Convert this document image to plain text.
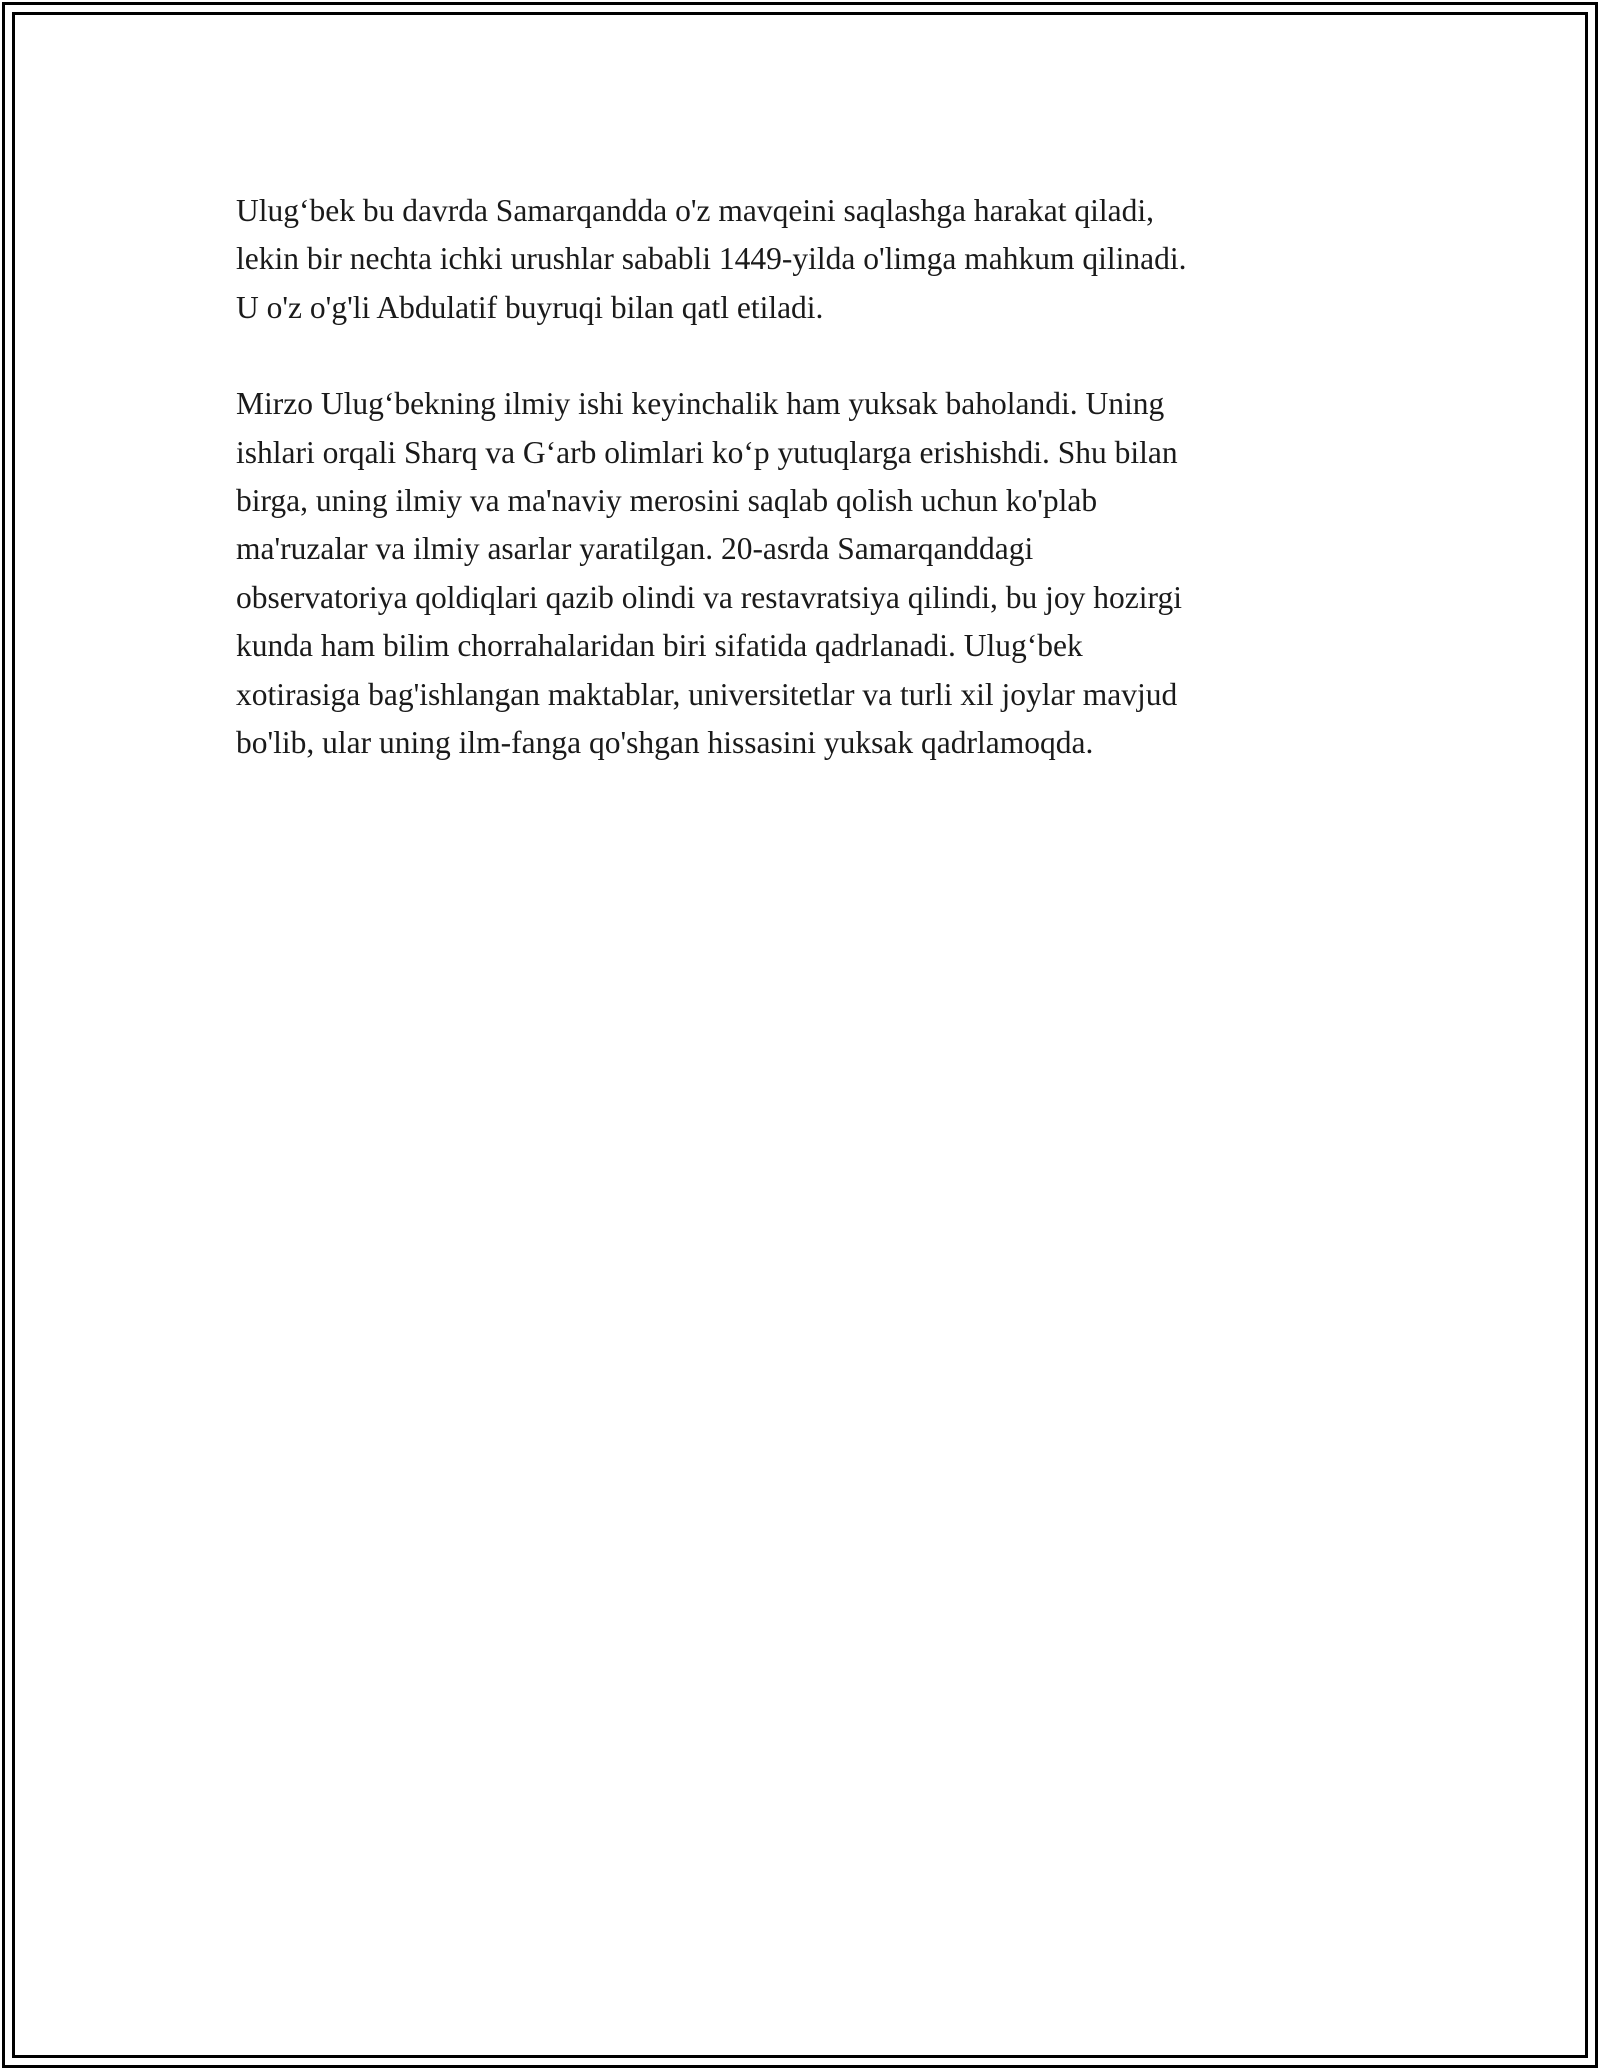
Ulug‘bek bu davrda Samarqandda o'z mavqeini saqlashga harakat qiladi,
lekin bir nechta ichki urushlar sababli 1449-yilda o'limga mahkum qilinadi.
U o'z o'g'li Abdulatif buyruqi bilan qatl etiladi.

Mirzo Ulug‘bekning ilmiy ishi keyinchalik ham yuksak baholandi. Uning
ishlari orqali Sharq va G‘arb olimlari ko‘p yutuqlarga erishishdi. Shu bilan
birga, uning ilmiy va ma'naviy merosini saqlab qolish uchun ko'plab
ma'ruzalar va ilmiy asarlar yaratilgan. 20-asrda Samarqanddagi
observatoriya qoldiqlari qazib olindi va restavratsiya qilindi, bu joy hozirgi
kunda ham bilim chorrahalaridan biri sifatida qadrlanadi. Ulug‘bek
xotirasiga bag'ishlangan maktablar, universitetlar va turli xil joylar mavjud
bo'lib, ular uning ilm-fanga qo'shgan hissasini yuksak qadrlamoqda.
